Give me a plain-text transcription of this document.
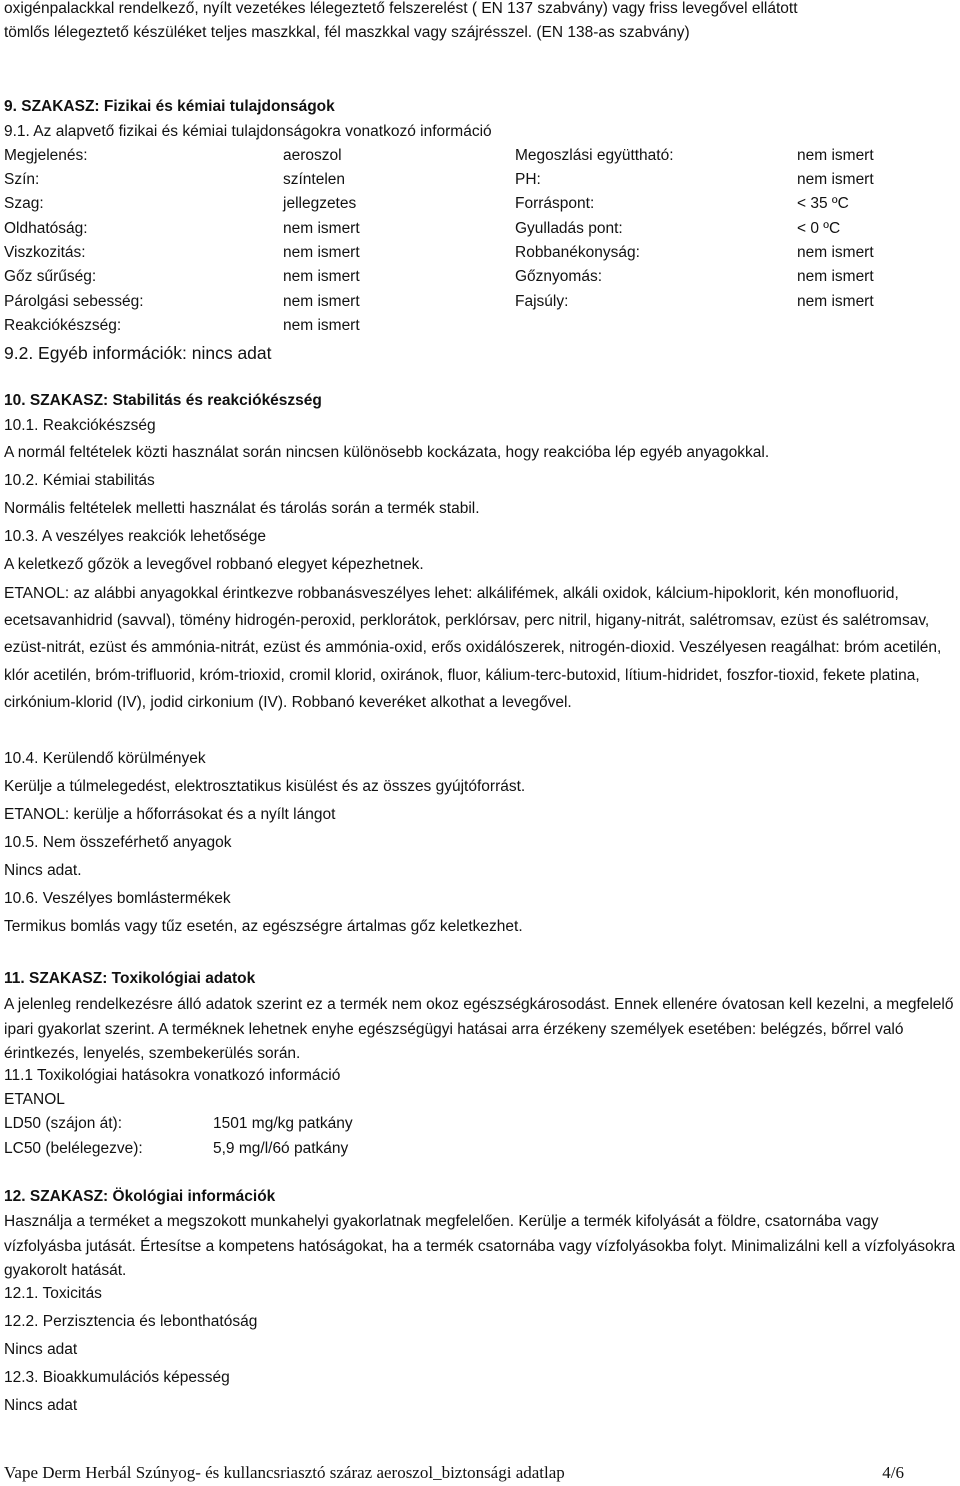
oxigénpalackkal rendelkező, nyílt vezetékes lélegeztető felszerelést ( EN 137 szabvány) vagy friss levegővel ellátott
tömlős lélegeztető készüléket teljes maszkkal, fél maszkkal vagy szájrésszel. (EN 138-as szabvány)
9. SZAKASZ: Fizikai és kémiai tulajdonságok
9.1. Az alapvető fizikai és kémiai tulajdonságokra vonatkozó információ
Megjelenés:	aeroszol	Megoszlási együttható:	nem ismert
Szín:	színtelen	PH:	nem ismert
Szag:	jellegzetes	Forráspont:	< 35 ºC
Oldhatóság:	nem ismert	Gyulladás pont:	< 0 ºC
Viszkozitás:	nem ismert	Robbanékonyság:	nem ismert
Gőz sűrűség:	nem ismert	Gőznyomás:	nem ismert
Párolgási sebesség:	nem ismert	Fajsúly:	nem ismert
Reakciókészség:	nem ismert
9.2. Egyéb információk: nincs adat
10. SZAKASZ: Stabilitás és reakciókészség
10.1. Reakciókészség
A normál feltételek közti használat során nincsen különösebb kockázata, hogy reakcióba lép egyéb anyagokkal.
10.2. Kémiai stabilitás
Normális feltételek melletti használat és tárolás során a termék stabil.
10.3. A veszélyes reakciók lehetősége
A keletkező gőzök a levegővel robbanó elegyet képezhetnek.
ETANOL: az alábbi anyagokkal érintkezve robbanásveszélyes lehet: alkálifémek, alkáli oxidok, kálcium-hipoklorit, kén monofluorid, ecetsavanhidrid (savval), tömény hidrogén-peroxid, perklorátok, perklórsav, perc nitril, higany-nitrát, salétromsav, ezüst és salétromsav, ezüst-nitrát, ezüst és ammónia-nitrát, ezüst és ammónia-oxid, erős oxidálószerek, nitrogén-dioxid. Veszélyesen reagálhat: bróm acetilén, klór acetilén, bróm-trifluorid, króm-trioxid, cromil klorid, oxiránok, fluor, kálium-terc-butoxid, lítium-hidridet, foszfor-tioxid, fekete platina, cirkónium-klorid (IV), jodid cirkonium (IV). Robbanó keveréket alkothat a levegővel.
10.4. Kerülendő körülmények
Kerülje a túlmelegedést, elektrosztatikus kisülést és az összes gyújtóforrást.
ETANOL: kerülje a hőforrásokat és a nyílt lángot
10.5. Nem összeférhető anyagok
Nincs adat.
10.6. Veszélyes bomlástermékek
Termikus bomlás vagy tűz esetén, az egészségre ártalmas gőz keletkezhet.
11. SZAKASZ: Toxikológiai adatok
A jelenleg rendelkezésre álló adatok szerint ez a termék nem okoz egészségkárosodást. Ennek ellenére óvatosan kell kezelni, a megfelelő ipari gyakorlat szerint. A terméknek lehetnek enyhe egészségügyi hatásai arra érzékeny személyek esetében: belégzés, bőrrel való érintkezés, lenyelés, szembekerülés során.
11.1 Toxikológiai hatásokra vonatkozó információ
ETANOL
LD50 (szájon át):	1501 mg/kg patkány
LC50 (belélegezve):	5,9 mg/l/6ó patkány
12. SZAKASZ: Ökológiai információk
Használja a terméket a megszokott munkahelyi gyakorlatnak megfelelően. Kerülje a termék kifolyását a földre, csatornába vagy vízfolyásba jutását. Értesítse a kompetens hatóságokat, ha a termék csatornába vagy vízfolyásokba folyt. Minimalizálni kell a vízfolyásokra gyakorolt hatását.
12.1. Toxicitás
12.2. Perzisztencia és lebonthatóság
Nincs adat
12.3. Bioakkumulációs képesség
Nincs adat
Vape Derm Herbál Szúnyog- és kullancsriasztó száraz aeroszol_biztonsági adatlap	4/6
